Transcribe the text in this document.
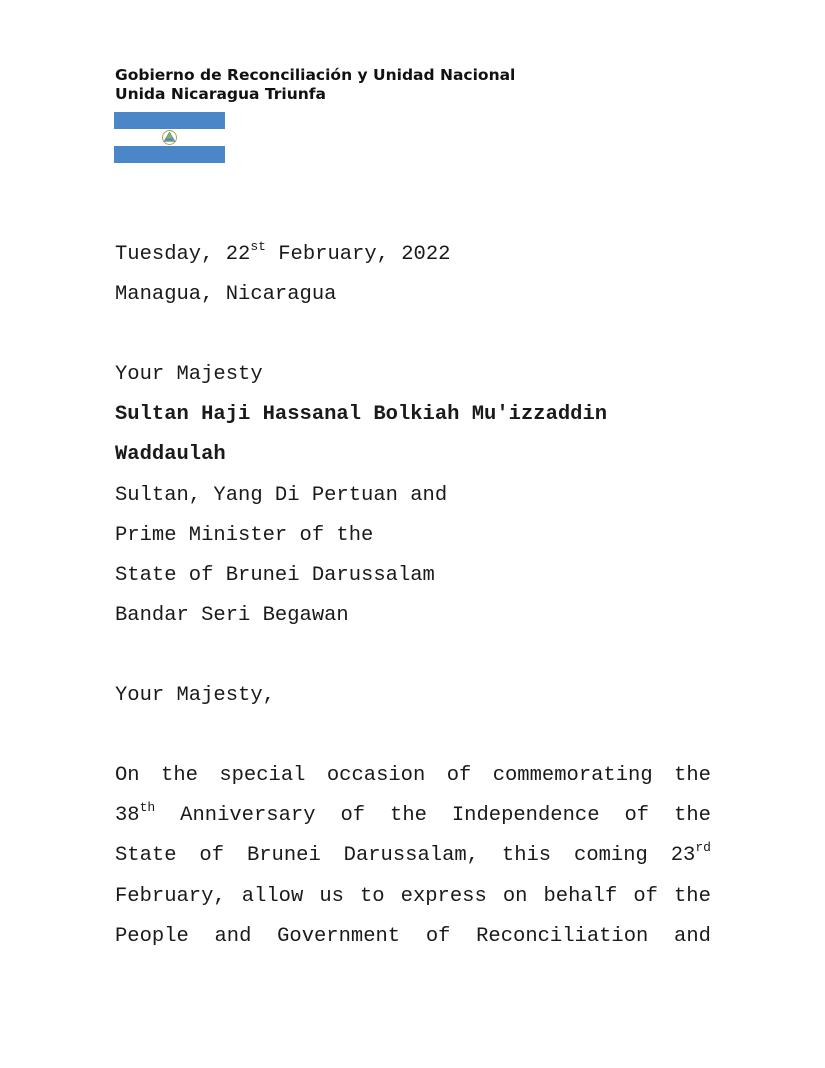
Gobierno de Reconciliación y Unidad Nacional
Unida Nicaragua Triunfa

Tuesday, 22st February, 2022

Managua, Nicaragua

Your Majesty

Sultan Haji Hassanal Bolkiah Mu'izzaddin

Waddaulah

Sultan, Yang Di Pertuan and

Prime Minister of the

State of Brunei Darussalam

Bandar Seri Begawan

Your Majesty,

On the special occasion of commemorating the
38th Anniversary of the Independence of the
State of Brunei Darussalam, this coming 23rd
February, allow us to express on behalf of the
People and Government of Reconciliation and
